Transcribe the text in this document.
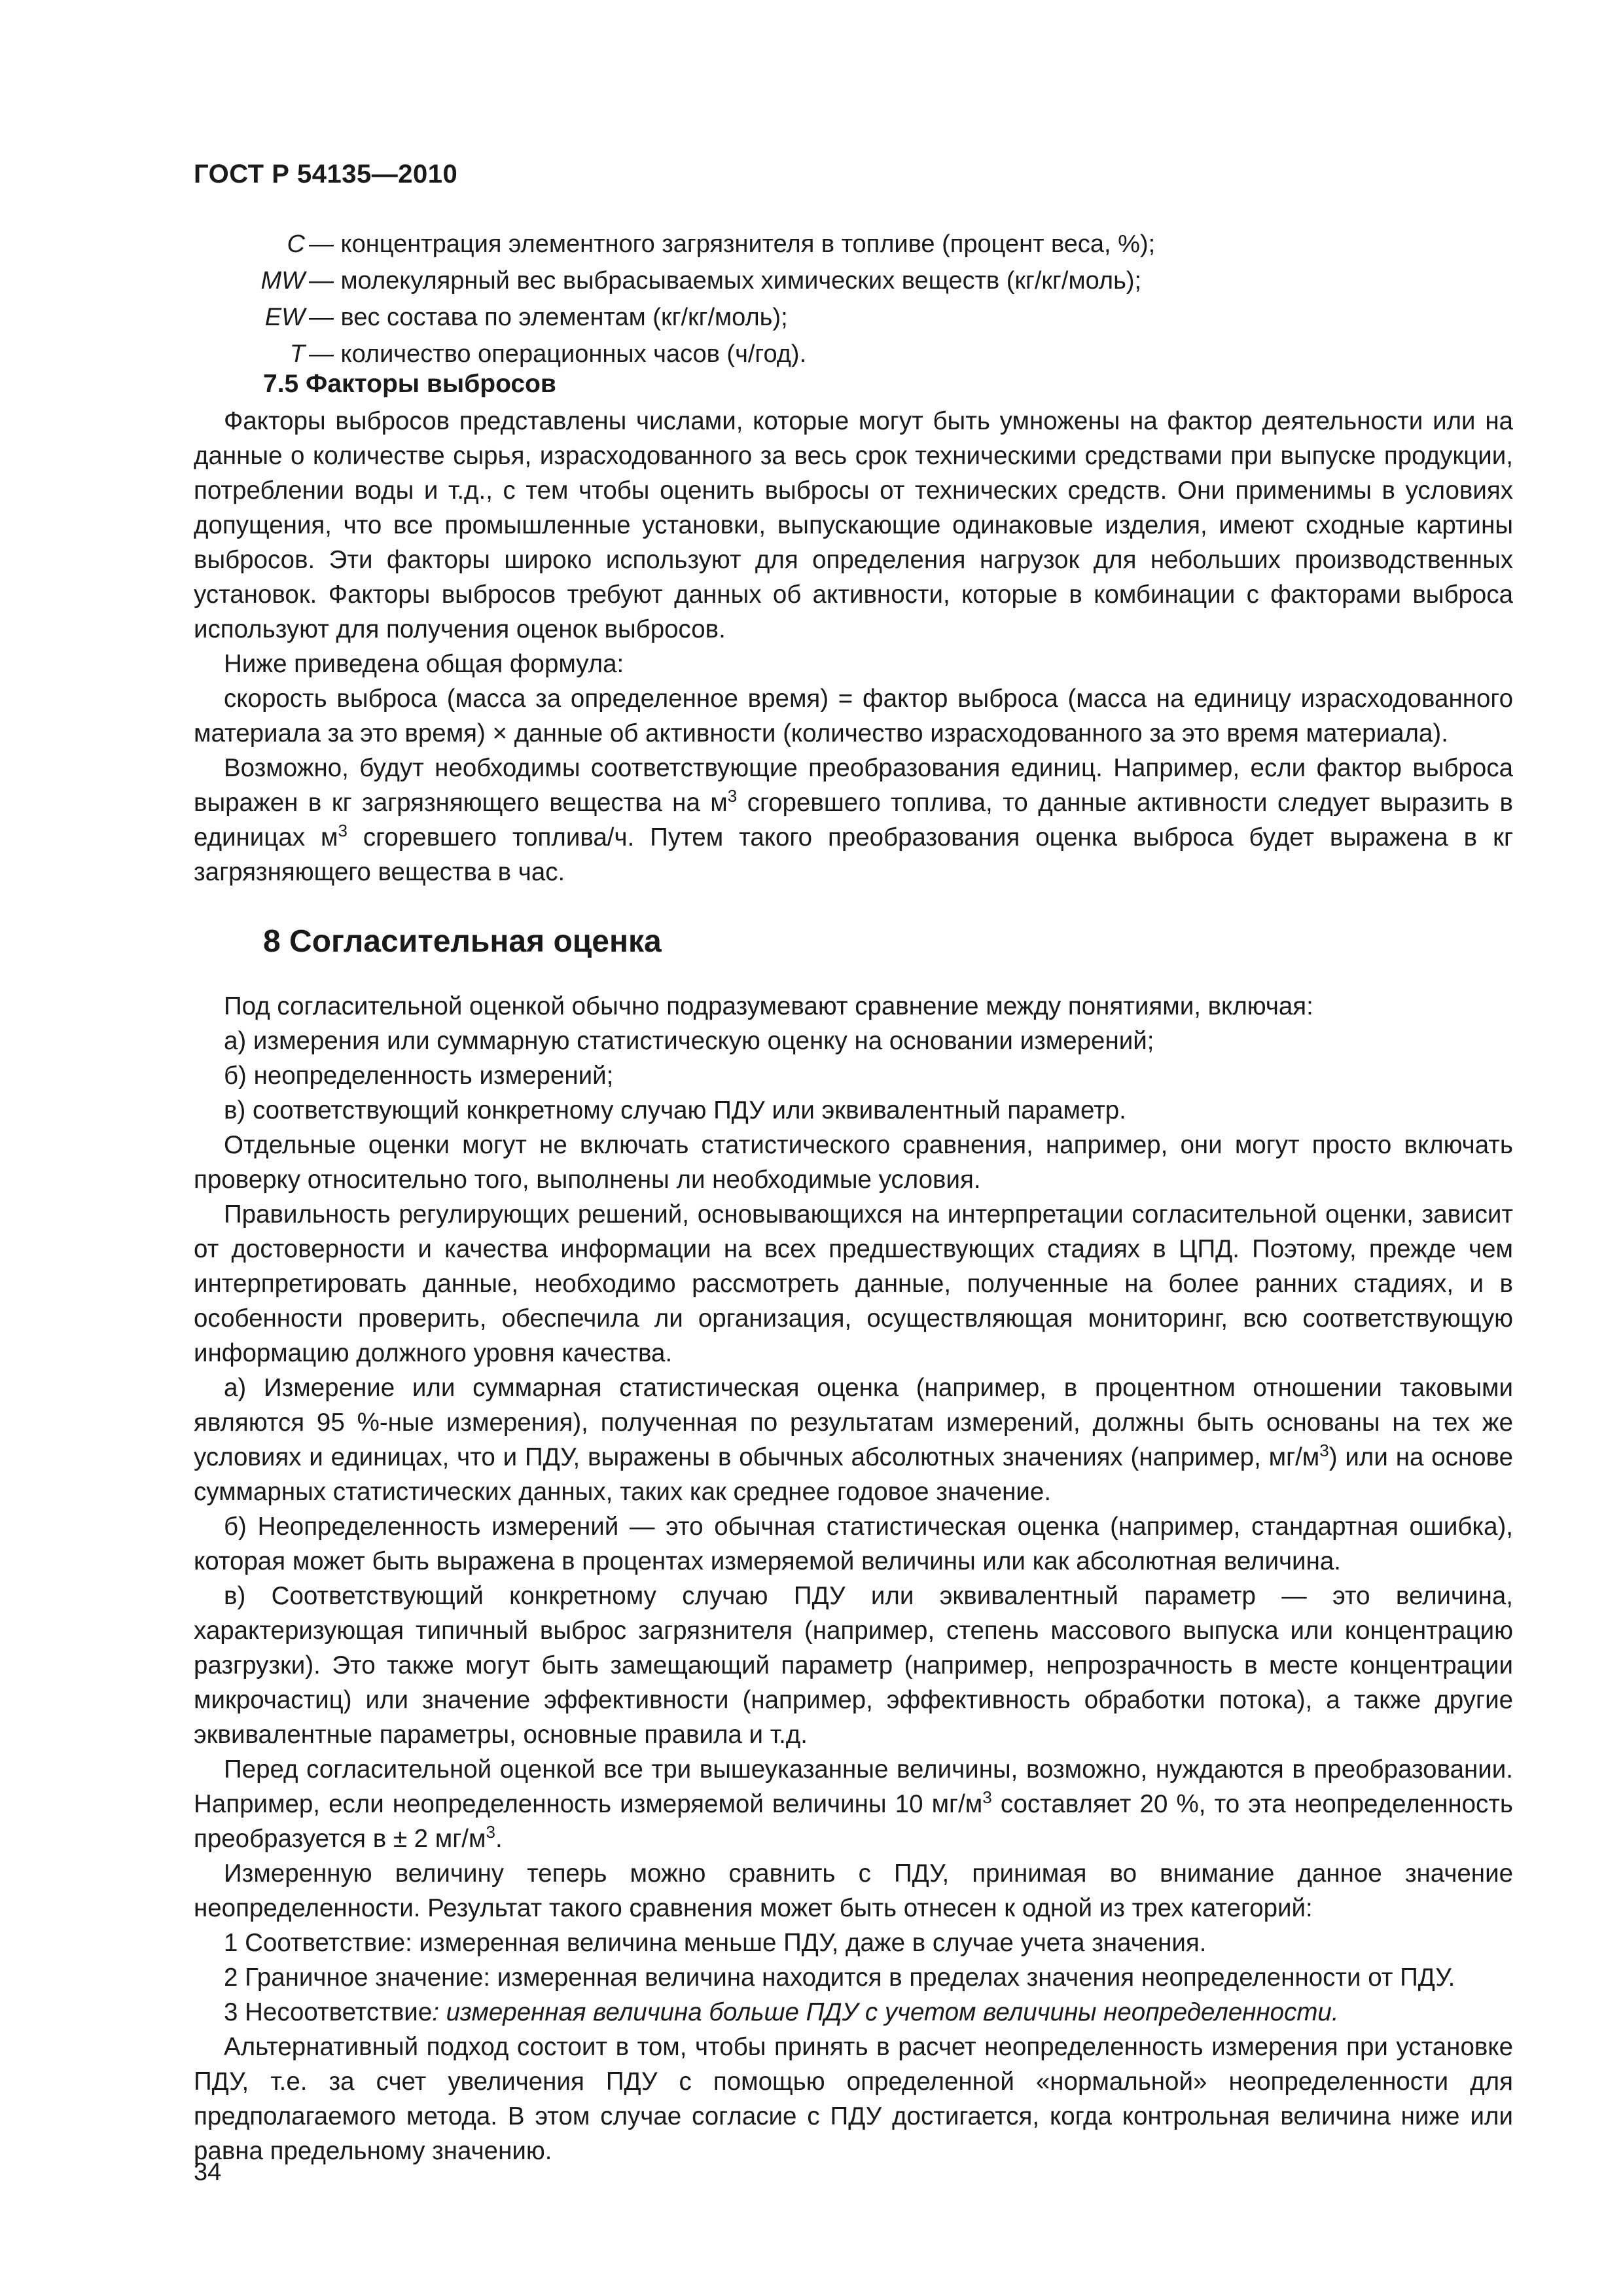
ГОСТ Р 54135—2010
C — концентрация элементного загрязнителя в топливе (процент веса, %);
MW — молекулярный вес выбрасываемых химических веществ (кг/кг/моль);
EW — вес состава по элементам (кг/кг/моль);
T — количество операционных часов (ч/год).

7.5 Факторы выбросов

Факторы выбросов представлены числами, которые могут быть умножены на фактор деятельности или на данные о количестве сырья, израсходованного за весь срок техническими средствами при выпуске продукции, потреблении воды и т.д., с тем чтобы оценить выбросы от технических средств. Они применимы в условиях допущения, что все промышленные установки, выпускающие одинаковые изделия, имеют сходные картины выбросов. Эти факторы широко используют для определения нагрузок для небольших производственных установок. Факторы выбросов требуют данных об активности, которые в комбинации с факторами выброса используют для получения оценок выбросов.

Ниже приведена общая формула:

скорость выброса (масса за определенное время) = фактор выброса (масса на единицу израсходованного материала за это время) × данные об активности (количество израсходованного за это время материала).

Возможно, будут необходимы соответствующие преобразования единиц. Например, если фактор выброса выражен в кг загрязняющего вещества на $м^3$ сгоревшего топлива, то данные активности следует выразить в единицах $м^3$ сгоревшего топлива/ч. Путем такого преобразования оценка выброса будет выражена в кг загрязняющего вещества в час.

8 Согласительная оценка

Под согласительной оценкой обычно подразумевают сравнение между понятиями, включая:

а) измерения или суммарную статистическую оценку на основании измерений;

б) неопределенность измерений;

в) соответствующий конкретному случаю ПДУ или эквивалентный параметр.

Отдельные оценки могут не включать статистического сравнения, например, они могут просто включать проверку относительно того, выполнены ли необходимые условия.

Правильность регулирующих решений, основывающихся на интерпретации согласительной оценки, зависит от достоверности и качества информации на всех предшествующих стадиях в ЦПД. Поэтому, прежде чем интерпретировать данные, необходимо рассмотреть данные, полученные на более ранних стадиях, и в особенности проверить, обеспечила ли организация, осуществляющая мониторинг, всю соответствующую информацию должного уровня качества.

а) Измерение или суммарная статистическая оценка (например, в процентном отношении таковыми являются 95 %-ные измерения), полученная по результатам измерений, должны быть основаны на тех же условиях и единицах, что и ПДУ, выражены в обычных абсолютных значениях (например, $мг/м^3$) или на основе суммарных статистических данных, таких как среднее годовое значение.

б) Неопределенность измерений — это обычная статистическая оценка (например, стандартная ошибка), которая может быть выражена в процентах измеряемой величины или как абсолютная величина.

в) Соответствующий конкретному случаю ПДУ или эквивалентный параметр — это величина, характеризующая типичный выброс загрязнителя (например, степень массового выпуска или концентрацию разгрузки). Это также могут быть замещающий параметр (например, непрозрачность в месте концентрации микрочастиц) или значение эффективности (например, эффективность обработки потока), а также другие эквивалентные параметры, основные правила и т.д.

Перед согласительной оценкой все три вышеуказанные величины, возможно, нуждаются в преобразовании. Например, если неопределенность измеряемой величины 10 $мг/м^3$ составляет 20 %, то эта неопределенность преобразуется в ± 2 $мг/м^3$.

Измеренную величину теперь можно сравнить с ПДУ, принимая во внимание данное значение неопределенности. Результат такого сравнения может быть отнесен к одной из трех категорий:

1 Соответствие: измеренная величина меньше ПДУ, даже в случае учета значения.

2 Граничное значение: измеренная величина находится в пределах значения неопределенности от ПДУ.

3 Несоответствие: измеренная величина больше ПДУ с учетом величины неопределенности.

Альтернативный подход состоит в том, чтобы принять в расчет неопределенность измерения при установке ПДУ, т.е. за счет увеличения ПДУ с помощью определенной «нормальной» неопределенности для предполагаемого метода. В этом случае согласие с ПДУ достигается, когда контрольная величина ниже или равна предельному значению.

34
